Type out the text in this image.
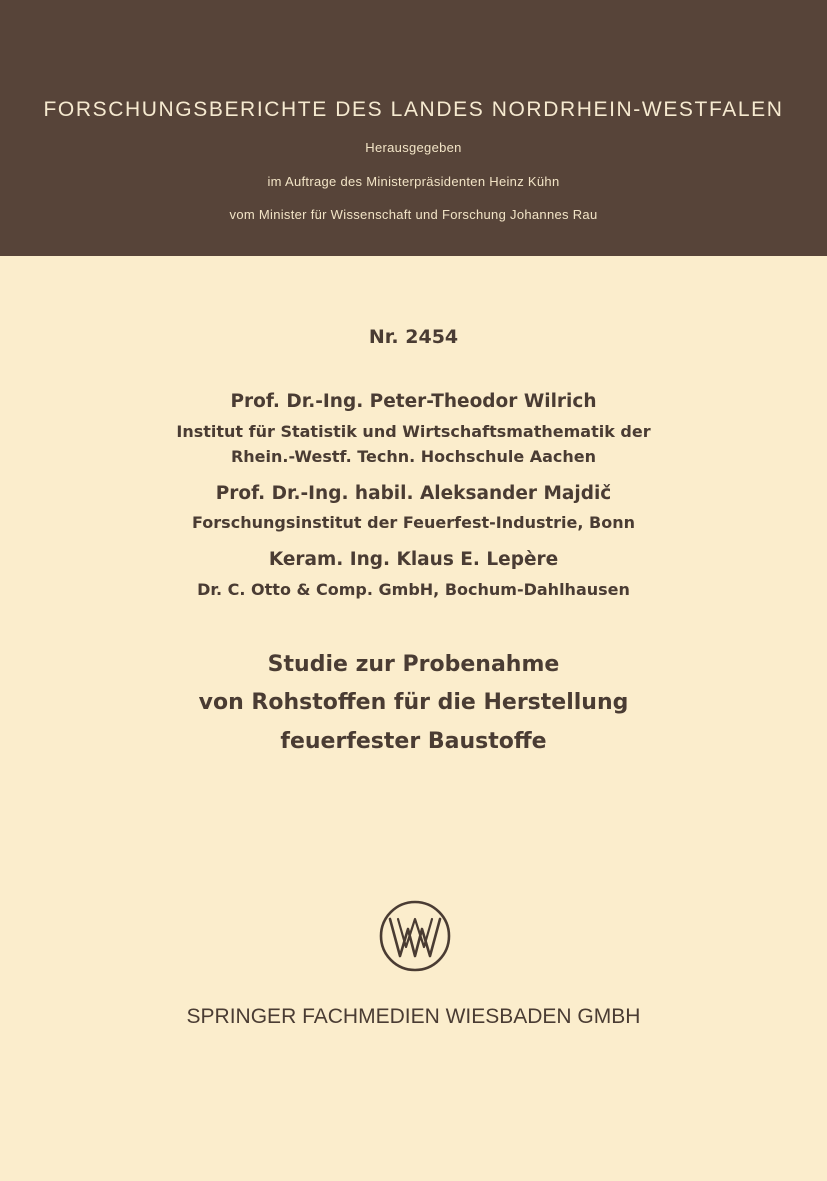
FORSCHUNGSBERICHTE DES LANDES NORDRHEIN-WESTFALEN
Herausgegeben
im Auftrage des Ministerpräsidenten Heinz Kühn
vom Minister für Wissenschaft und Forschung Johannes Rau
Nr. 2454
Prof. Dr.-Ing. Peter-Theodor Wilrich
Institut für Statistik und Wirtschaftsmathematik der
Rhein.-Westf. Techn. Hochschule Aachen
Prof. Dr.-Ing. habil. Aleksander Majdič
Forschungsinstitut der Feuerfest-Industrie, Bonn
Keram. Ing. Klaus E. Lepère
Dr. C. Otto & Comp. GmbH, Bochum-Dahlhausen
Studie zur Probenahme
von Rohstoffen für die Herstellung
feuerfester Baustoffe
SPRINGER FACHMEDIEN WIESBADEN GMBH
